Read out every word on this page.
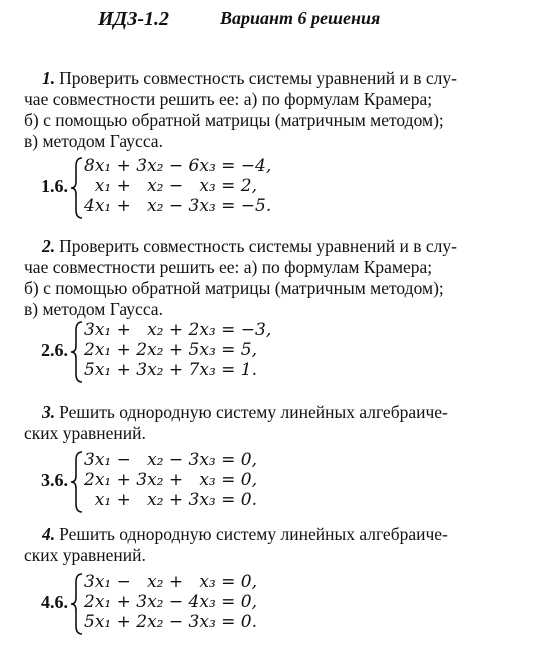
ИДЗ-1.2	Вариант 6 решения
1. Проверить совместность системы уравнений и в слу-
чае совместности решить ее: а) по формулам Крамера;
б) с помощью обратной матрицы (матричным методом);
в) методом Гаусса.
1.6.
8x₁ + 3x₂ − 6x₃ = −4,
x₁ +   x₂ −   x₃ = 2,
4x₁ +   x₂ − 3x₃ = −5.
2. Проверить совместность системы уравнений и в слу-
чае совместности решить ее: а) по формулам Крамера;
б) с помощью обратной матрицы (матричным методом);
в) методом Гаусса.
2.6.
3x₁ +   x₂ + 2x₃ = −3,
2x₁ + 2x₂ + 5x₃ = 5,
5x₁ + 3x₂ + 7x₃ = 1.
3. Решить однородную систему линейных алгебраиче-
ских уравнений.
3.6.
3x₁ −   x₂ − 3x₃ = 0,
2x₁ + 3x₂ +   x₃ = 0,
x₁ +   x₂ + 3x₃ = 0.
4. Решить однородную систему линейных алгебраиче-
ских уравнений.
4.6.
3x₁ −   x₂ +   x₃ = 0,
2x₁ + 3x₂ − 4x₃ = 0,
5x₁ + 2x₂ − 3x₃ = 0.
